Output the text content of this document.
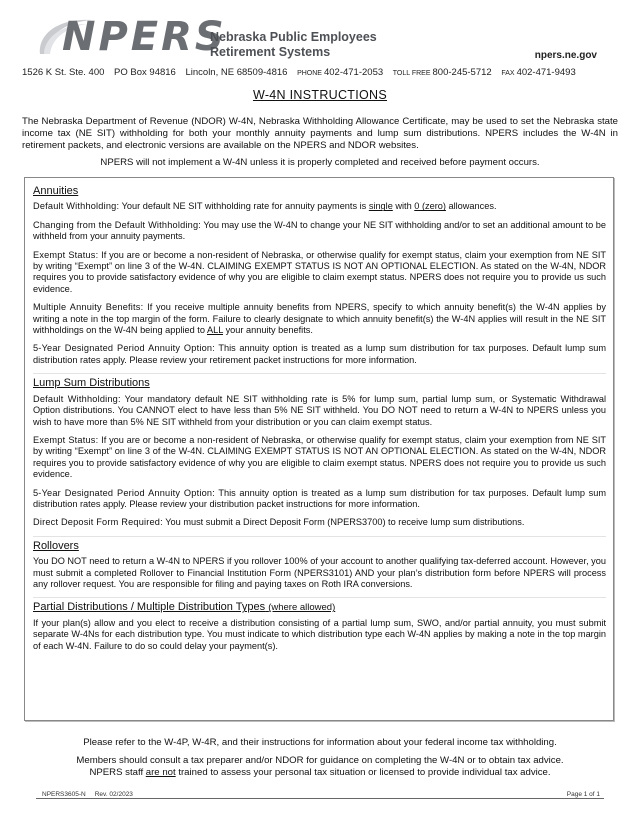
NPERS
Nebraska Public Employees
Retirement Systems	npers.ne.gov
1526 K St. Ste. 400 PO Box 94816 Lincoln, NE 68509-4816 PHONE 402-471-2053 TOLL FREE 800-245-5712 FAX 402-471-9493
W-4N INSTRUCTIONS
The Nebraska Department of Revenue (NDOR) W-4N, Nebraska Withholding Allowance Certificate, may be used to set the Nebraska state income tax (NE SIT) withholding for both your monthly annuity payments and lump sum distributions. NPERS includes the W-4N in retirement packets, and electronic versions are available on the NPERS and NDOR websites.
NPERS will not implement a W-4N unless it is properly completed and received before payment occurs.
Annuities

Default Withholding: Your default NE SIT withholding rate for annuity payments is single with 0 (zero) allowances.

Changing from the Default Withholding: You may use the W-4N to change your NE SIT withholding and/or to set an additional amount to be withheld from your annuity payments.

Exempt Status: If you are or become a non-resident of Nebraska, or otherwise qualify for exempt status, claim your exemption from NE SIT by writing “Exempt” on line 3 of the W-4N. CLAIMING EXEMPT STATUS IS NOT AN OPTIONAL ELECTION. As stated on the W-4N, NDOR requires you to provide satisfactory evidence of why you are eligible to claim exempt status. NPERS does not require you to provide us such evidence.

Multiple Annuity Benefits: If you receive multiple annuity benefits from NPERS, specify to which annuity benefit(s) the W-4N applies by writing a note in the top margin of the form. Failure to clearly designate to which annuity benefit(s) the W-4N applies will result in the NE SIT withholdings on the W-4N being applied to ALL your annuity benefits.

5-Year Designated Period Annuity Option: This annuity option is treated as a lump sum distribution for tax purposes. Default lump sum distribution rates apply. Please review your retirement packet instructions for more information.

Lump Sum Distributions

Default Withholding: Your mandatory default NE SIT withholding rate is 5% for lump sum, partial lump sum, or Systematic Withdrawal Option distributions. You CANNOT elect to have less than 5% NE SIT withheld. You DO NOT need to return a W-4N to NPERS unless you wish to have more than 5% NE SIT withheld from your distribution or you can claim exempt status.

Exempt Status: If you are or become a non-resident of Nebraska, or otherwise qualify for exempt status, claim your exemption from NE SIT by writing “Exempt” on line 3 of the W-4N. CLAIMING EXEMPT STATUS IS NOT AN OPTIONAL ELECTION. As stated on the W-4N, NDOR requires you to provide satisfactory evidence of why you are eligible to claim exempt status. NPERS does not require you to provide us such evidence.

5-Year Designated Period Annuity Option: This annuity option is treated as a lump sum distribution for tax purposes. Default lump sum distribution rates apply. Please review your distribution packet instructions for more information.

Direct Deposit Form Required: You must submit a Direct Deposit Form (NPERS3700) to receive lump sum distributions.

Rollovers

You DO NOT need to return a W-4N to NPERS if you rollover 100% of your account to another qualifying tax-deferred account. However, you must submit a completed Rollover to Financial Institution Form (NPERS3101) AND your plan’s distribution form before NPERS will process any rollover request. You are responsible for filing and paying taxes on Roth IRA conversions.

Partial Distributions / Multiple Distribution Types (where allowed)

If your plan(s) allow and you elect to receive a distribution consisting of a partial lump sum, SWO, and/or partial annuity, you must submit separate W-4Ns for each distribution type. You must indicate to which distribution type each W-4N applies by making a note in the top margin of each W-4N. Failure to do so could delay your payment(s).

Please refer to the W-4P, W-4R, and their instructions for information about your federal income tax withholding.
Members should consult a tax preparer and/or NDOR for guidance on completing the W-4N or to obtain tax advice.
NPERS staff are not trained to assess your personal tax situation or licensed to provide individual tax advice.
NPERS3605-N     Rev. 02/2023	Page 1 of 1
